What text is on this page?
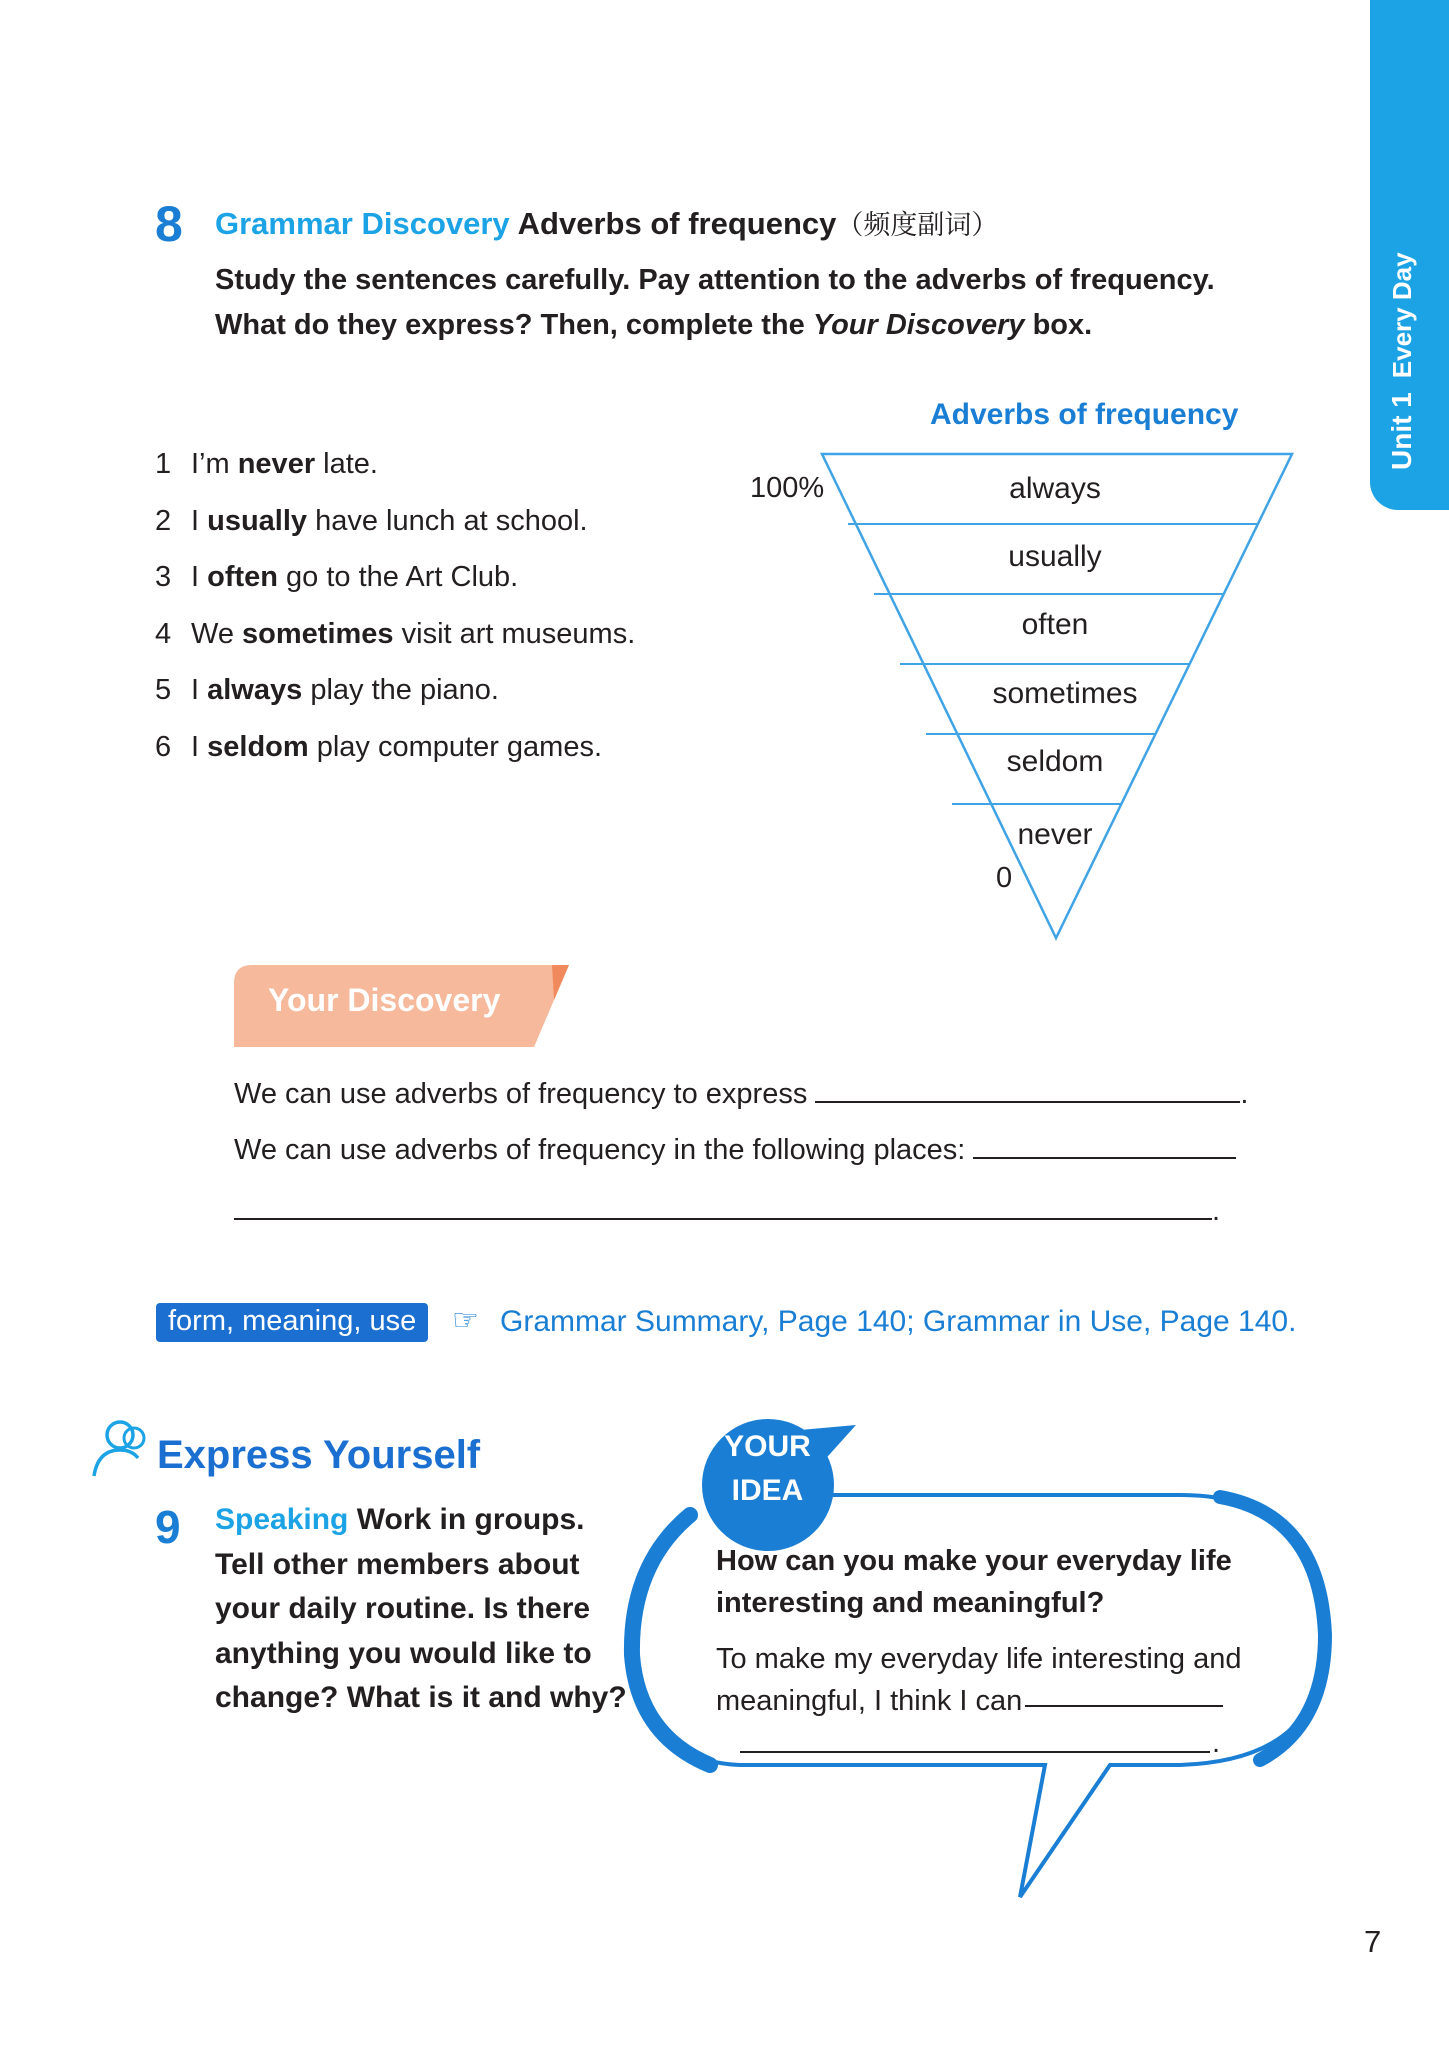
Unit 1Every Day
8 Grammar Discovery Adverbs of frequency（频度副词）
Study the sentences carefully. Pay attention to the adverbs of frequency.
What do they express? Then, complete the Your Discovery box.
1 I’m never late.
2 I usually have lunch at school.
3 I often go to the Art Club.
4 We sometimes visit art museums.
5 I always play the piano.
6 I seldom play computer games.
Adverbs of frequency
100%
0
always
usually
often
sometimes
seldom
never
Your Discovery
We can use adverbs of frequency to express	.
We can use adverbs of frequency in the following places:
.
form, meaning, use	☞ Grammar Summary, Page 140; Grammar in Use, Page 140.
Express Yourself
9 Speaking Work in groups. Tell other members about your daily routine. Is there anything you would like to change? What is it and why?
YOUR
IDEA
How can you make your everyday life interesting and meaningful?
To make my everyday life interesting and meaningful, I think I can
.
7
